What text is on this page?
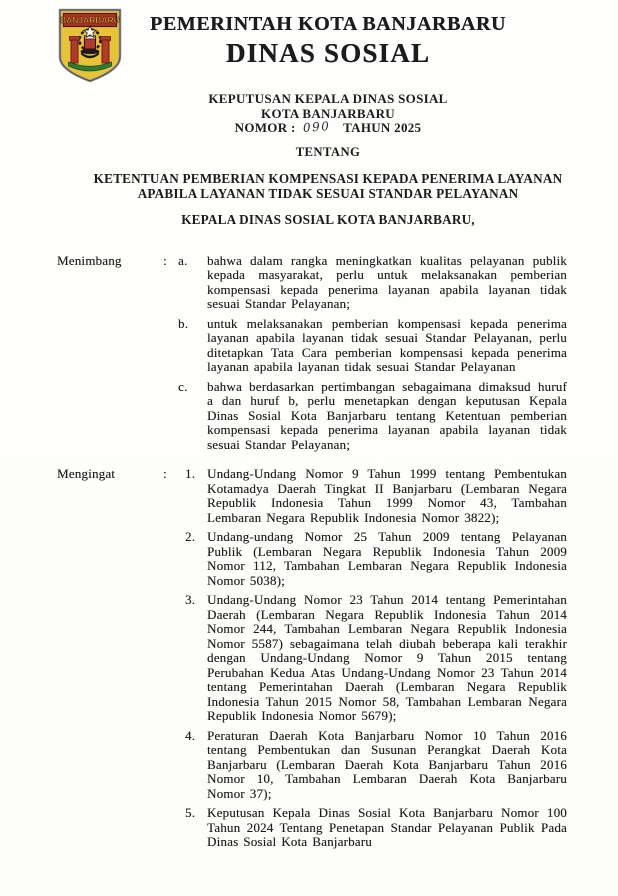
BANJARBARU	PEMERINTAH KOTA BANJARBARU
DINAS SOSIAL
KEPUTUSAN KEPALA DINAS SOSIAL
KOTA BANJARBARU
NOMOR : 090 TAHUN 2025
TENTANG
KETENTUAN PEMBERIAN KOMPENSASI KEPADA PENERIMA LAYANAN
APABILA LAYANAN TIDAK SESUAI STANDAR PELAYANAN
KEPALA DINAS SOSIAL KOTA BANJARBARU,
Menimbang	: a.	bahwa dalam rangka meningkatkan kualitas pelayanan publik kepada masyarakat, perlu untuk melaksanakan pemberian kompensasi kepada penerima layanan apabila layanan tidak sesuai Standar Pelayanan;
b.	untuk melaksanakan pemberian kompensasi kepada penerima layanan apabila layanan tidak sesuai Standar Pelayanan, perlu ditetapkan Tata Cara pemberian kompensasi kepada penerima layanan apabila layanan tidak sesuai Standar Pelayanan
c.	bahwa berdasarkan pertimbangan sebagaimana dimaksud huruf a dan huruf b, perlu menetapkan dengan keputusan Kepala Dinas Sosial Kota Banjarbaru tentang Ketentuan pemberian kompensasi kepada penerima layanan apabila layanan tidak sesuai Standar Pelayanan;
Mengingat	:	1. Undang-Undang Nomor 9 Tahun 1999 tentang Pembentukan Kotamadya Daerah Tingkat II Banjarbaru (Lembaran Negara Republik Indonesia Tahun 1999 Nomor 43, Tambahan Lembaran Negara Republik Indonesia Nomor 3822);
2. Undang-undang Nomor 25 Tahun 2009 tentang Pelayanan Publik (Lembaran Negara Republik Indonesia Tahun 2009 Nomor 112, Tambahan Lembaran Negara Republik Indonesia Nomor 5038);
3. Undang-Undang Nomor 23 Tahun 2014 tentang Pemerintahan Daerah (Lembaran Negara Republik Indonesia Tahun 2014 Nomor 244, Tambahan Lembaran Negara Republik Indonesia Nomor 5587) sebagaimana telah diubah beberapa kali terakhir dengan Undang-Undang Nomor 9 Tahun 2015 tentang Perubahan Kedua Atas Undang-Undang Nomor 23 Tahun 2014 tentang Pemerintahan Daerah (Lembaran Negara Republik Indonesia Tahun 2015 Nomor 58, Tambahan Lembaran Negara Republik Indonesia Nomor 5679);
4. Peraturan Daerah Kota Banjarbaru Nomor 10 Tahun 2016 tentang Pembentukan dan Susunan Perangkat Daerah Kota Banjarbaru (Lembaran Daerah Kota Banjarbaru Tahun 2016 Nomor 10, Tambahan Lembaran Daerah Kota Banjarbaru Nomor 37);
5. Keputusan Kepala Dinas Sosial Kota Banjarbaru Nomor 100 Tahun 2024 Tentang Penetapan Standar Pelayanan Publik Pada Dinas Sosial Kota Banjarbaru
